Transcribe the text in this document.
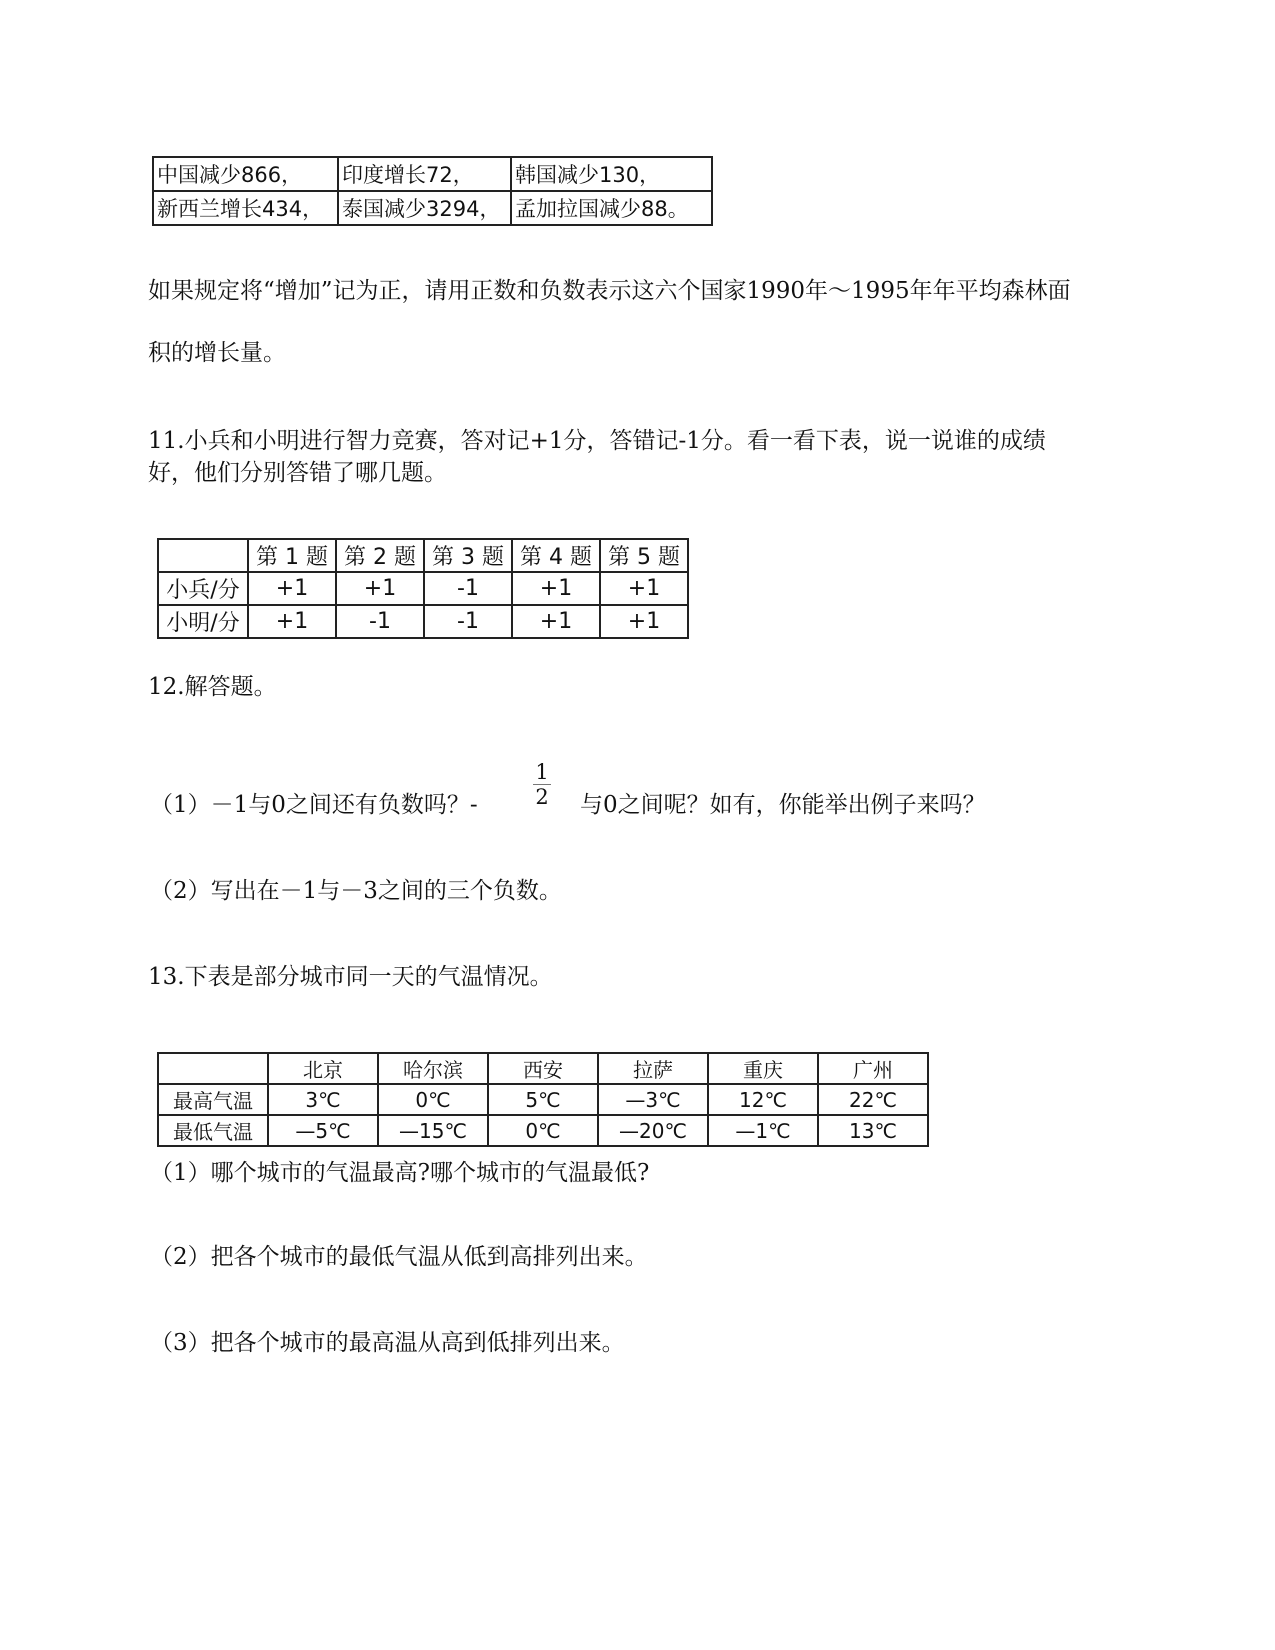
中国减少866，	印度增长72，	韩国减少130，
新西兰增长434，	泰国减少3294，	孟加拉国减少88。
如果规定将“增加”记为正，请用正数和负数表示这六个国家1990年～1995年年平均森林面
积的增长量。
11.小兵和小明进行智力竞赛，答对记+1分，答错记-1分。看一看下表，说一说谁的成绩
好，他们分别答错了哪几题。
	第 1 题	第 2 题	第 3 题	第 4 题	第 5 题
小兵/分	+1	+1	-1	+1	+1
小明/分	+1	-1	-1	+1	+1
12.解答题。
（1）－1与0之间还有负数吗？-
1
2 与0之间呢？如有，你能举出例子来吗？
（2）写出在－1与－3之间的三个负数。
13.下表是部分城市同一天的气温情况。
	北京	哈尔滨	西安	拉萨	重庆	广州
最高气温	3℃	0℃	5℃	—3℃	12℃	22℃
最低气温	—5℃	—15℃	0℃	—20℃	—1℃	13℃
（1）哪个城市的气温最高?哪个城市的气温最低?
（2）把各个城市的最低气温从低到高排列出来。
（3）把各个城市的最高温从高到低排列出来。
